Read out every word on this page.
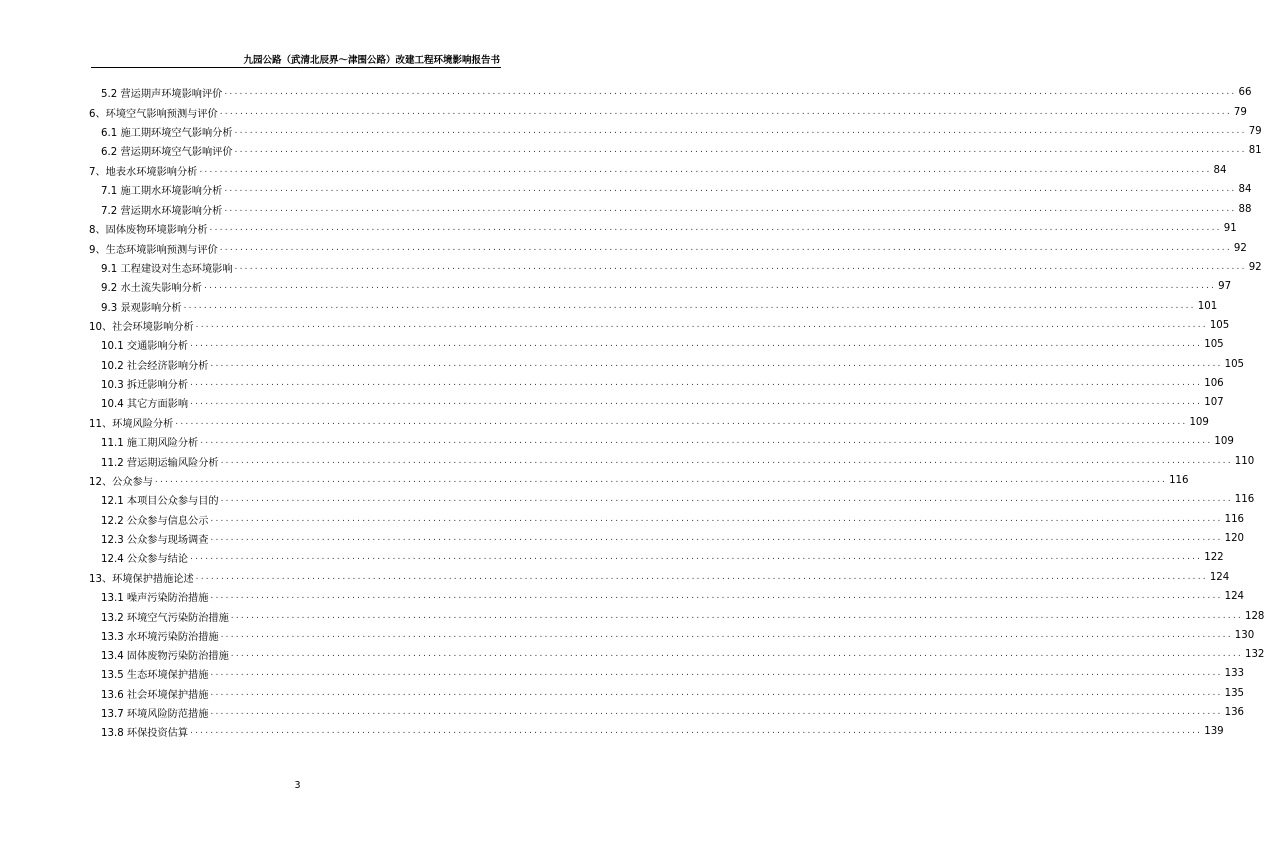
九园公路（武清北辰界～津围公路）改建工程环境影响报告书
5.2 营运期声环境影响评价 ........................................................................................................................................................................................................ 66
6、环境空气影响预测与评价 ........................................................................................................................................................................................................ 79
6.1 施工期环境空气影响分析 ........................................................................................................................................................................................................ 79
6.2 营运期环境空气影响评价 ........................................................................................................................................................................................................ 81
7、地表水环境影响分析 ........................................................................................................................................................................................................ 84
7.1 施工期水环境影响分析 ........................................................................................................................................................................................................ 84
7.2 营运期水环境影响分析 ........................................................................................................................................................................................................ 88
8、固体废物环境影响分析 ........................................................................................................................................................................................................ 91
9、生态环境影响预测与评价 ........................................................................................................................................................................................................ 92
9.1 工程建设对生态环境影响 ........................................................................................................................................................................................................ 92
9.2 水土流失影响分析 ........................................................................................................................................................................................................ 97
9.3 景观影响分析 ........................................................................................................................................................................................................ 101
10、社会环境影响分析 ........................................................................................................................................................................................................ 105
10.1 交通影响分析 ........................................................................................................................................................................................................ 105
10.2 社会经济影响分析 ........................................................................................................................................................................................................ 105
10.3 拆迁影响分析 ........................................................................................................................................................................................................ 106
10.4 其它方面影响 ........................................................................................................................................................................................................ 107
11、环境风险分析 ........................................................................................................................................................................................................ 109
11.1 施工期风险分析 ........................................................................................................................................................................................................ 109
11.2 营运期运输风险分析 ........................................................................................................................................................................................................ 110
12、公众参与 ........................................................................................................................................................................................................ 116
12.1 本项目公众参与目的 ........................................................................................................................................................................................................ 116
12.2 公众参与信息公示 ........................................................................................................................................................................................................ 116
12.3 公众参与现场调查 ........................................................................................................................................................................................................ 120
12.4 公众参与结论 ........................................................................................................................................................................................................ 122
13、环境保护措施论述 ........................................................................................................................................................................................................ 124
13.1 噪声污染防治措施 ........................................................................................................................................................................................................ 124
13.2 环境空气污染防治措施 ........................................................................................................................................................................................................ 128
13.3 水环境污染防治措施 ........................................................................................................................................................................................................ 130
13.4 固体废物污染防治措施 ........................................................................................................................................................................................................ 132
13.5 生态环境保护措施 ........................................................................................................................................................................................................ 133
13.6 社会环境保护措施 ........................................................................................................................................................................................................ 135
13.7 环境风险防范措施 ........................................................................................................................................................................................................ 136
13.8 环保投资估算 ........................................................................................................................................................................................................ 139
3
